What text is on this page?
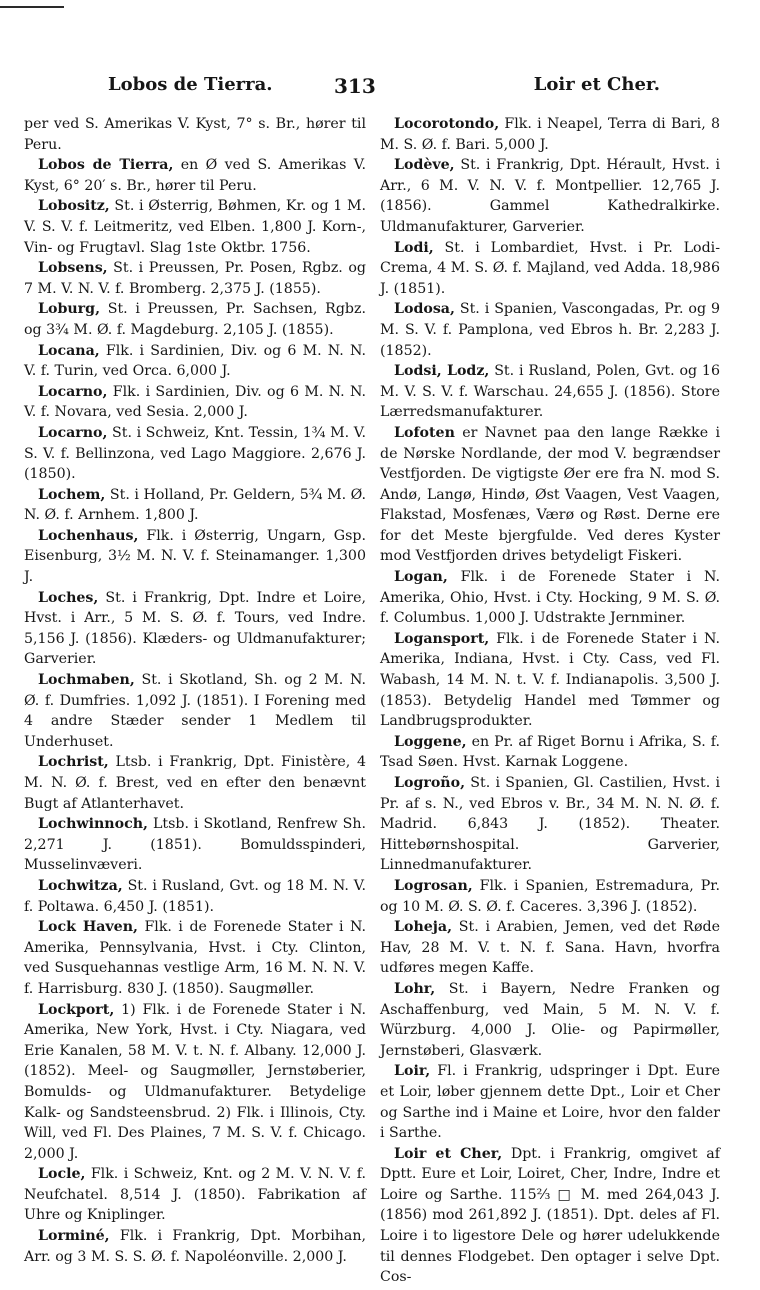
Lobos de Tierra.	313	Loir et Cher.

per ved S. Amerikas V. Kyst, 7° s. Br., hører til Peru.

Lobos de Tierra, en Ø ved S. Amerikas V. Kyst, 6° 20′ s. Br., hører til Peru.

Lobositz, St. i Østerrig, Bøhmen, Kr. og 1 M. V. S. V. f. Leitmeritz, ved Elben. 1,800 J. Korn-, Vin- og Frugtavl. Slag 1ste Oktbr. 1756.

Lobsens, St. i Preussen, Pr. Posen, Rgbz. og 7 M. V. N. V. f. Bromberg. 2,375 J. (1855).

Loburg, St. i Preussen, Pr. Sachsen, Rgbz. og 3¾ M. Ø. f. Magdeburg. 2,105 J. (1855).

Locana, Flk. i Sardinien, Div. og 6 M. N. N. V. f. Turin, ved Orca. 6,000 J.

Locarno, Flk. i Sardinien, Div. og 6 M. N. N. V. f. Novara, ved Sesia. 2,000 J.

Locarno, St. i Schweiz, Knt. Tessin, 1¾ M. V. S. V. f. Bellinzona, ved Lago Maggiore. 2,676 J. (1850).

Lochem, St. i Holland, Pr. Geldern, 5¾ M. Ø. N. Ø. f. Arnhem. 1,800 J.

Lochenhaus, Flk. i Østerrig, Ungarn, Gsp. Eisenburg, 3½ M. N. V. f. Steinamanger. 1,300 J.

Loches, St. i Frankrig, Dpt. Indre et Loire, Hvst. i Arr., 5 M. S. Ø. f. Tours, ved Indre. 5,156 J. (1856). Klæders- og Uldmanufakturer; Garverier.

Lochmaben, St. i Skotland, Sh. og 2 M. N. Ø. f. Dumfries. 1,092 J. (1851). I Forening med 4 andre Stæder sender 1 Medlem til Underhuset.

Lochrist, Ltsb. i Frankrig, Dpt. Finistère, 4 M. N. Ø. f. Brest, ved en efter den benævnt Bugt af Atlanterhavet.

Lochwinnoch, Ltsb. i Skotland, Renfrew Sh. 2,271 J. (1851). Bomuldsspinderi, Musselinvæveri.

Lochwitza, St. i Rusland, Gvt. og 18 M. N. V. f. Poltawa. 6,450 J. (1851).

Lock Haven, Flk. i de Forenede Stater i N. Amerika, Pennsylvania, Hvst. i Cty. Clinton, ved Susquehannas vestlige Arm, 16 M. N. N. V. f. Harrisburg. 830 J. (1850). Saugmøller.

Lockport, 1) Flk. i de Forenede Stater i N. Amerika, New York, Hvst. i Cty. Niagara, ved Erie Kanalen, 58 M. V. t. N. f. Albany. 12,000 J. (1852). Meel- og Saugmøller, Jernstøberier, Bomulds- og Uldmanufakturer. Betydelige Kalk- og Sandsteensbrud. 2) Flk. i Illinois, Cty. Will, ved Fl. Des Plaines, 7 M. S. V. f. Chicago. 2,000 J.

Locle, Flk. i Schweiz, Knt. og 2 M. V. N. V. f. Neufchatel. 8,514 J. (1850). Fabrikation af Uhre og Kniplinger.

Lorminé, Flk. i Frankrig, Dpt. Morbihan, Arr. og 3 M. S. S. Ø. f. Napoléonville. 2,000 J.

Locorotondo, Flk. i Neapel, Terra di Bari, 8 M. S. Ø. f. Bari. 5,000 J.

Lodève, St. i Frankrig, Dpt. Hérault, Hvst. i Arr., 6 M. V. N. V. f. Montpellier. 12,765 J. (1856). Gammel Kathedralkirke. Uldmanufakturer, Garverier.

Lodi, St. i Lombardiet, Hvst. i Pr. Lodi-Crema, 4 M. S. Ø. f. Majland, ved Adda. 18,986 J. (1851).

Lodosa, St. i Spanien, Vascongadas, Pr. og 9 M. S. V. f. Pamplona, ved Ebros h. Br. 2,283 J. (1852).

Lodsi, Lodz, St. i Rusland, Polen, Gvt. og 16 M. V. S. V. f. Warschau. 24,655 J. (1856). Store Lærredsmanufakturer.

Lofoten er Navnet paa den lange Række i de Nørske Nordlande, der mod V. begrændser Vestfjorden. De vigtigste Øer ere fra N. mod S. Andø, Langø, Hindø, Øst Vaagen, Vest Vaagen, Flakstad, Mosfenæs, Værø og Røst. Derne ere for det Meste bjergfulde. Ved deres Kyster mod Vestfjorden drives betydeligt Fiskeri.

Logan, Flk. i de Forenede Stater i N. Amerika, Ohio, Hvst. i Cty. Hocking, 9 M. S. Ø. f. Columbus. 1,000 J. Udstrakte Jernminer.

Logansport, Flk. i de Forenede Stater i N. Amerika, Indiana, Hvst. i Cty. Cass, ved Fl. Wabash, 14 M. N. t. V. f. Indianapolis. 3,500 J. (1853). Betydelig Handel med Tømmer og Landbrugsprodukter.

Loggene, en Pr. af Riget Bornu i Afrika, S. f. Tsad Søen. Hvst. Karnak Loggene.

Logroño, St. i Spanien, Gl. Castilien, Hvst. i Pr. af s. N., ved Ebros v. Br., 34 M. N. N. Ø. f. Madrid. 6,843 J. (1852). Theater. Hittebørnshospital. Garverier, Linnedmanufakturer.

Logrosan, Flk. i Spanien, Estremadura, Pr. og 10 M. Ø. S. Ø. f. Caceres. 3,396 J. (1852).

Loheja, St. i Arabien, Jemen, ved det Røde Hav, 28 M. V. t. N. f. Sana. Havn, hvorfra udføres megen Kaffe.

Lohr, St. i Bayern, Nedre Franken og Aschaffenburg, ved Main, 5 M. N. V. f. Würzburg. 4,000 J. Olie- og Papirmøller, Jernstøberi, Glasværk.

Loir, Fl. i Frankrig, udspringer i Dpt. Eure et Loir, løber gjennem dette Dpt., Loir et Cher og Sarthe ind i Maine et Loire, hvor den falder i Sarthe.

Loir et Cher, Dpt. i Frankrig, omgivet af Dptt. Eure et Loir, Loiret, Cher, Indre, Indre et Loire og Sarthe. 115⅔ □ M. med 264,043 J. (1856) mod 261,892 J. (1851). Dpt. deles af Fl. Loire i to ligestore Dele og hører udelukkende til dennes Flodgebet. Den optager i selve Dpt. Cos-
